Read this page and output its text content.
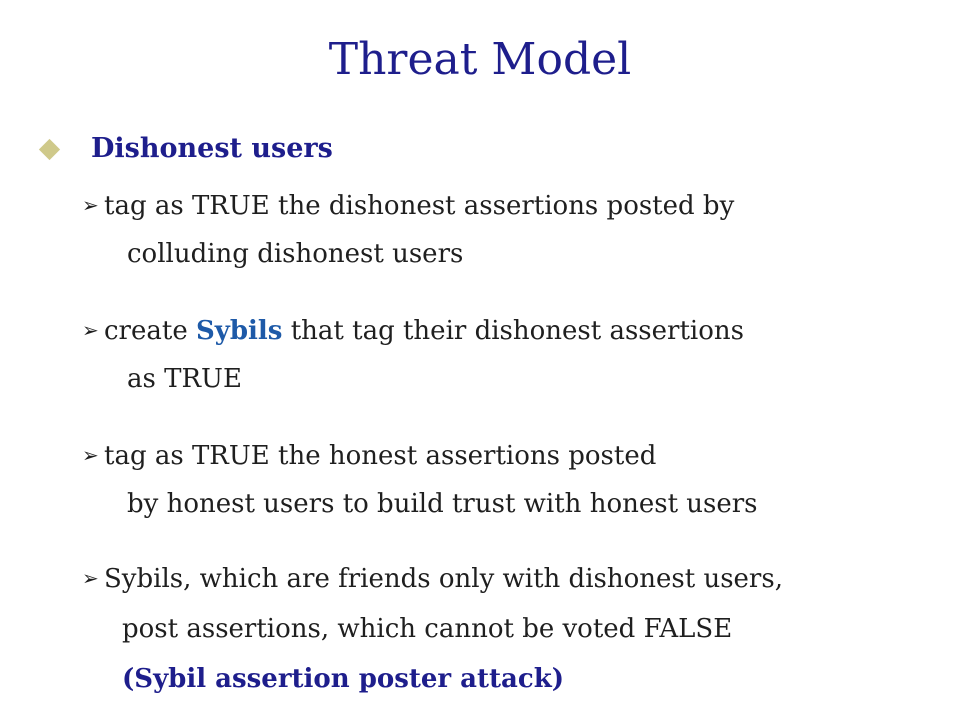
Threat Model
Dishonest users
➢ tag as TRUE the dishonest assertions posted by
colluding dishonest users
➢ create Sybils that tag their dishonest assertions
as TRUE
➢ tag as TRUE the honest assertions posted
by honest users to build trust with honest users
➢ Sybils, which are friends only with dishonest users,
post assertions, which cannot be voted FALSE
(Sybil assertion poster attack)
